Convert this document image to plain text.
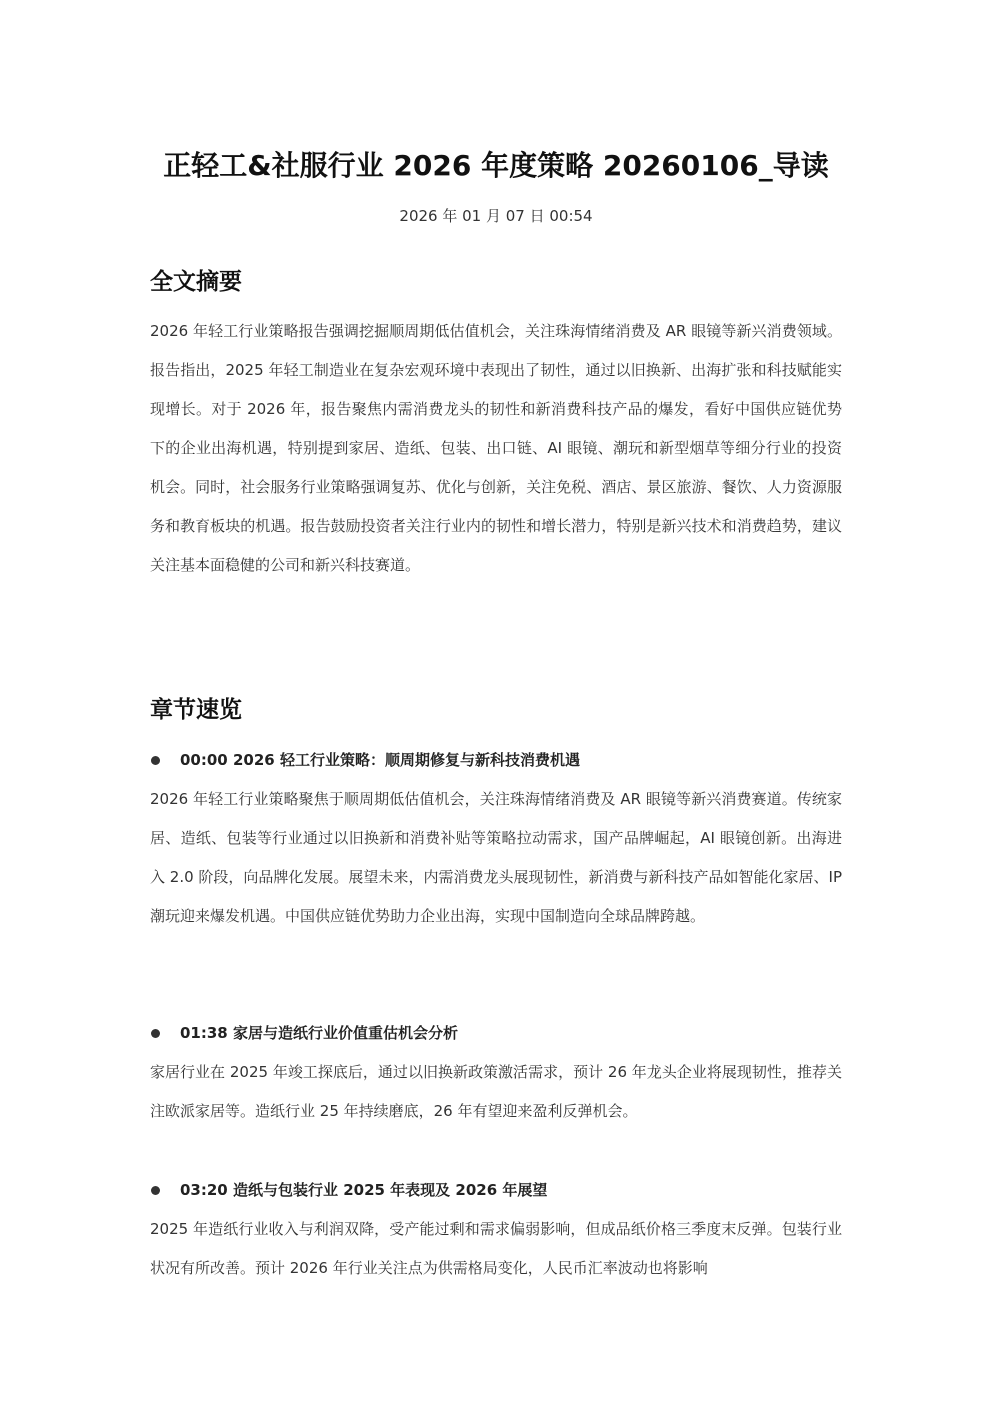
正轻工&社服行业 2026 年度策略 20260106_导读
2026 年 01 月 07 日 00:54
全文摘要

2026 年轻工行业策略报告强调挖掘顺周期低估值机会，关注珠海情绪消费及 AR 眼镜等新兴消费领域。报告指出，2025 年轻工制造业在复杂宏观环境中表现出了韧性，通过以旧换新、出海扩张和科技赋能实现增长。对于 2026 年，报告聚焦内需消费龙头的韧性和新消费科技产品的爆发，看好中国供应链优势下的企业出海机遇，特别提到家居、造纸、包装、出口链、AI 眼镜、潮玩和新型烟草等细分行业的投资机会。同时，社会服务行业策略强调复苏、优化与创新，关注免税、酒店、景区旅游、餐饮、人力资源服务和教育板块的机遇。报告鼓励投资者关注行业内的韧性和增长潜力，特别是新兴技术和消费趋势，建议关注基本面稳健的公司和新兴科技赛道。

章节速览
00:00 2026 轻工行业策略：顺周期修复与新科技消费机遇

2026 年轻工行业策略聚焦于顺周期低估值机会，关注珠海情绪消费及 AR 眼镜等新兴消费赛道。传统家居、造纸、包装等行业通过以旧换新和消费补贴等策略拉动需求，国产品牌崛起，AI 眼镜创新。出海进入 2.0 阶段，向品牌化发展。展望未来，内需消费龙头展现韧性，新消费与新科技产品如智能化家居、IP 潮玩迎来爆发机遇。中国供应链优势助力企业出海，实现中国制造向全球品牌跨越。

01:38 家居与造纸行业价值重估机会分析

家居行业在 2025 年竣工探底后，通过以旧换新政策激活需求，预计 26 年龙头企业将展现韧性，推荐关注欧派家居等。造纸行业 25 年持续磨底，26 年有望迎来盈利反弹机会。

03:20 造纸与包装行业 2025 年表现及 2026 年展望

2025 年造纸行业收入与利润双降，受产能过剩和需求偏弱影响，但成品纸价格三季度末反弹。包装行业状况有所改善。预计 2026 年行业关注点为供需格局变化，人民币汇率波动也将影响
